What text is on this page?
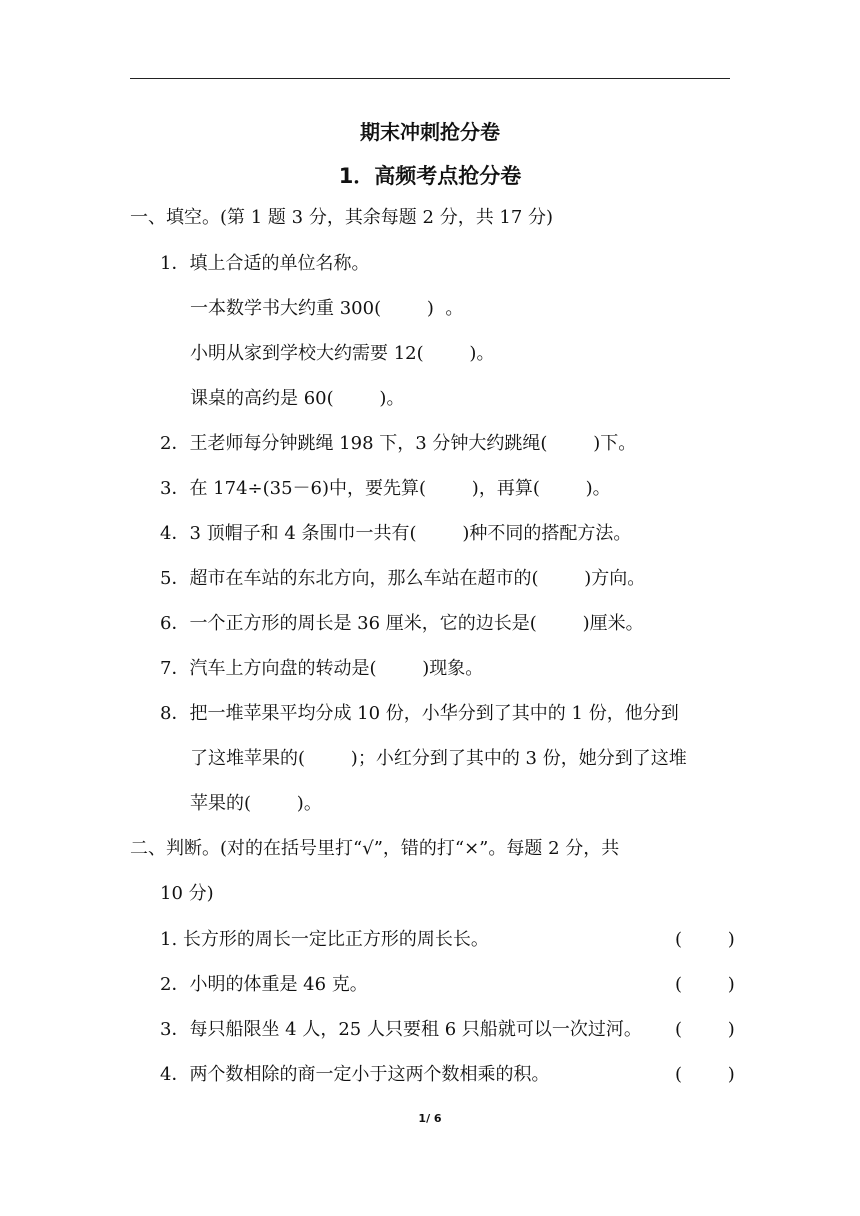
期末冲刺抢分卷
1．高频考点抢分卷
一、填空。(第 1 题 3 分，其余每题 2 分，共 17 分)
1．填上合适的单位名称。
一本数学书大约重 300(        )  。
小明从家到学校大约需要 12(        )。
课桌的高约是 60(        )。
2．王老师每分钟跳绳 198 下，3 分钟大约跳绳(        )下。
3．在 174÷(35－6)中，要先算(        )，再算(        )。
4．3 顶帽子和 4 条围巾一共有(        )种不同的搭配方法。
5．超市在车站的东北方向，那么车站在超市的(        )方向。
6．一个正方形的周长是 36 厘米，它的边长是(        )厘米。
7．汽车上方向盘的转动是(        )现象。
8．把一堆苹果平均分成 10 份，小华分到了其中的 1 份，他分到
了这堆苹果的(        )；小红分到了其中的 3 份，她分到了这堆
苹果的(        )。
二、判断。(对的在括号里打“√”，错的打“×”。每题 2 分，共
10 分)
1. 长方形的周长一定比正方形的周长长。	(        )
2．小明的体重是 46 克。	(        )
3．每只船限坐 4 人，25 人只要租 6 只船就可以一次过河。 (        )
4．两个数相除的商一定小于这两个数相乘的积。	(        )
1/ 6
